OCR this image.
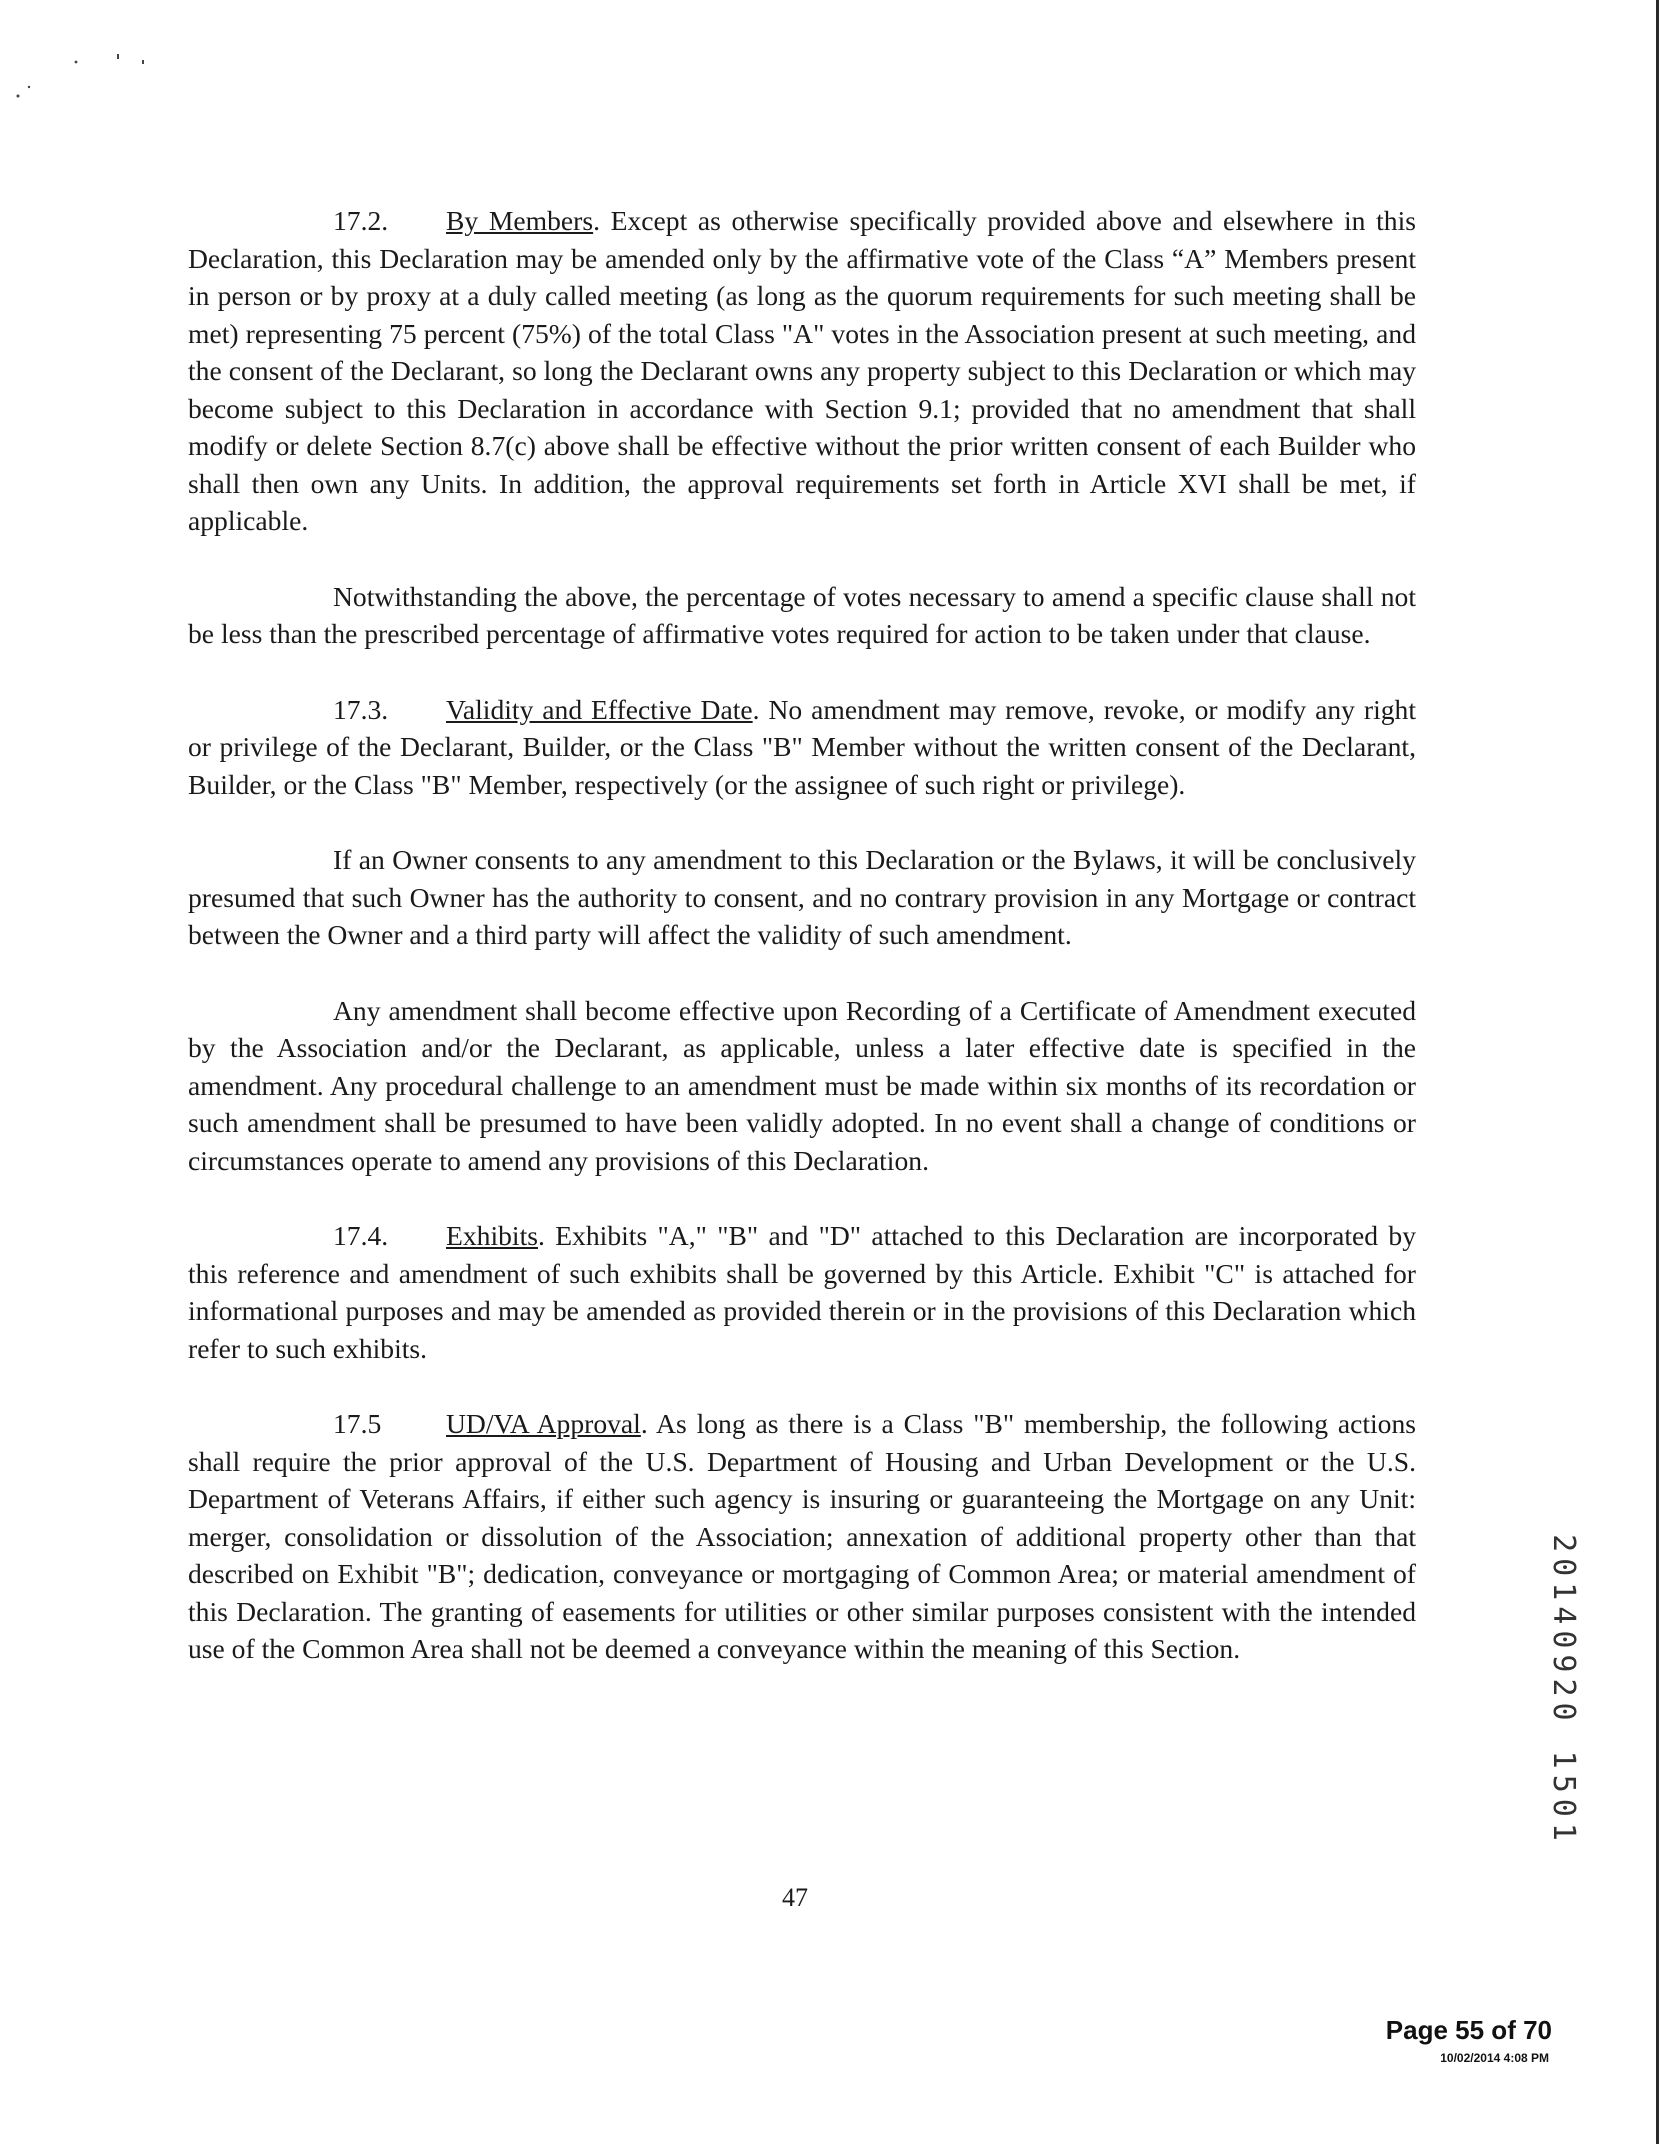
17.2. By Members. Except as otherwise specifically provided above and elsewhere in this Declaration, this Declaration may be amended only by the affirmative vote of the Class “A” Members present in person or by proxy at a duly called meeting (as long as the quorum requirements for such meeting shall be met) representing 75 percent (75%) of the total Class "A" votes in the Association present at such meeting, and the consent of the Declarant, so long the Declarant owns any property subject to this Declaration or which may become subject to this Declaration in accordance with Section 9.1; provided that no amendment that shall modify or delete Section 8.7(c) above shall be effective without the prior written consent of each Builder who shall then own any Units. In addition, the approval requirements set forth in Article XVI shall be met, if applicable.

Notwithstanding the above, the percentage of votes necessary to amend a specific clause shall not be less than the prescribed percentage of affirmative votes required for action to be taken under that clause.

17.3. Validity and Effective Date. No amendment may remove, revoke, or modify any right or privilege of the Declarant, Builder, or the Class "B" Member without the written consent of the Declarant, Builder, or the Class "B" Member, respectively (or the assignee of such right or privilege).

If an Owner consents to any amendment to this Declaration or the Bylaws, it will be conclusively presumed that such Owner has the authority to consent, and no contrary provision in any Mortgage or contract between the Owner and a third party will affect the validity of such amendment.

Any amendment shall become effective upon Recording of a Certificate of Amendment executed by the Association and/or the Declarant, as applicable, unless a later effective date is specified in the amendment. Any procedural challenge to an amendment must be made within six months of its recordation or such amendment shall be presumed to have been validly adopted. In no event shall a change of conditions or circumstances operate to amend any provisions of this Declaration.

17.4. Exhibits. Exhibits "A," "B" and "D" attached to this Declaration are incorporated by this reference and amendment of such exhibits shall be governed by this Article. Exhibit "C" is attached for informational purposes and may be amended as provided therein or in the provisions of this Declaration which refer to such exhibits.

17.5 UD/VA Approval. As long as there is a Class "B" membership, the following actions shall require the prior approval of the U.S. Department of Housing and Urban Development or the U.S. Department of Veterans Affairs, if either such agency is insuring or guaranteeing the Mortgage on any Unit: merger, consolidation or dissolution of the Association; annexation of additional property other than that described on Exhibit "B"; dedication, conveyance or mortgaging of Common Area; or material amendment of this Declaration. The granting of easements for utilities or other similar purposes consistent with the intended use of the Common Area shall not be deemed a conveyance within the meaning of this Section.

47
20140920 1501
Page 55 of 70
10/02/2014 4:08 PM
